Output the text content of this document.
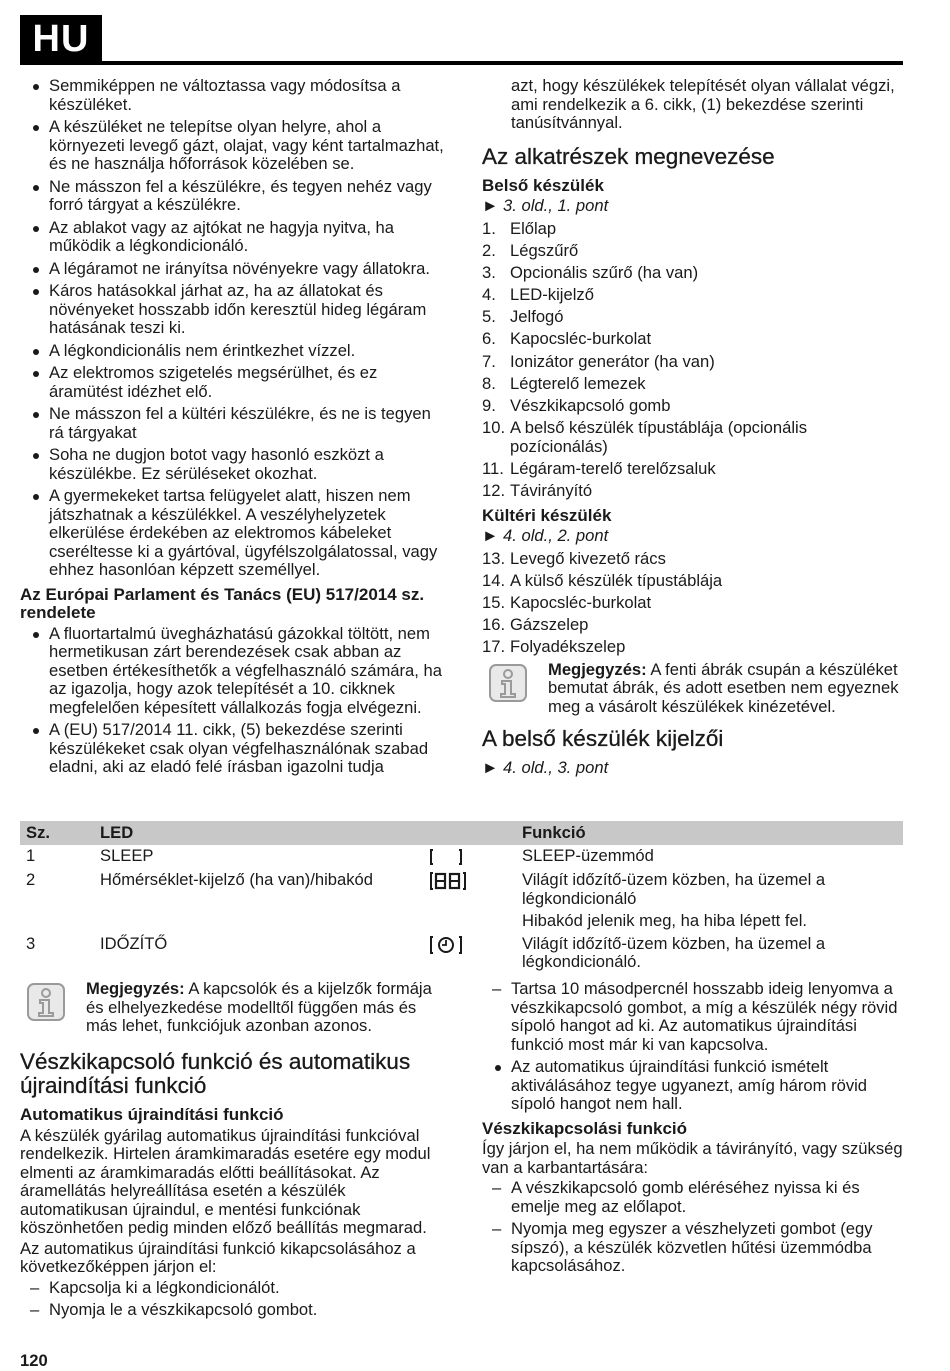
HU
Semmiképpen ne változtassa vagy módosítsa a készüléket.
A készüléket ne telepítse olyan helyre, ahol a környezeti levegő gázt, olajat, vagy ként tartalmazhat, és ne használja hőforrások közelében se.
Ne másszon fel a készülékre, és tegyen nehéz vagy forró tárgyat a készülékre.
Az ablakot vagy az ajtókat ne hagyja nyitva, ha működik a légkondicionáló.
A légáramot ne irányítsa növényekre vagy állatokra.
Káros hatásokkal járhat az, ha az állatokat és növényeket hosszabb időn keresztül hideg légáram hatásának teszi ki.
A légkondicionális nem érintkezhet vízzel.
Az elektromos szigetelés megsérülhet, és ez áramütést idézhet elő.
Ne másszon fel a kültéri készülékre, és ne is tegyen rá tárgyakat
Soha ne dugjon botot vagy hasonló eszközt a készülékbe. Ez sérüléseket okozhat.
A gyermekeket tartsa felügyelet alatt, hiszen nem játszhatnak a készülékkel. A veszélyhelyzetek elkerülése érdekében az elektromos kábeleket cseréltesse ki a gyártóval, ügyfélszolgálatossal, vagy ehhez hasonlóan képzett személlyel.
Az Európai Parlament és Tanács (EU) 517/2014 sz. rendelete
A fluortartalmú üvegházhatású gázokkal töltött, nem hermetikusan zárt berendezések csak abban az esetben értékesíthetők a végfelhasználó számára, ha az igazolja, hogy azok telepítését a 10. cikknek megfelelően képesített vállalkozás fogja elvégezni.
A (EU) 517/2014 11. cikk, (5) bekezdése szerinti készülékeket csak olyan végfelhasználónak szabad eladni, aki az eladó felé írásban igazolni tudja
azt, hogy készülékek telepítését olyan vállalat végzi, ami rendelkezik a 6. cikk, (1) bekezdése szerinti tanúsítvánnyal.
Az alkatrészek megnevezése
Belső készülék
► 3. old., 1. pont
1. Előlap
2. Légszűrő
3. Opcionális szűrő (ha van)
4. LED-kijelző
5. Jelfogó
6. Kapocsléc-burkolat
7. Ionizátor generátor (ha van)
8. Légterelő lemezek
9. Vészkikapcsoló gomb
10. A belső készülék típustáblája (opcionális pozícionálás)
11. Légáram-terelő terelőzsaluk
12. Távirányító
Kültéri készülék
► 4. old., 2. pont
13. Levegő kivezető rács
14. A külső készülék típustáblája
15. Kapocsléc-burkolat
16. Gázszelep
17. Folyadékszelep
Megjegyzés: A fenti ábrák csupán a készüléket bemutat ábrák, és adott esetben nem egyeznek meg a vásárolt készülékek kinézetével.
A belső készülék kijelzői
► 4. old., 3. pont
Sz.	LED		Funkció
1	SLEEP		SLEEP-üzemmód
2	Hőmérséklet-kijelző (ha van)/hibakód		Világít időzítő-üzem közben, ha üzemel a légkondicionáló
Hibakód jelenik meg, ha hiba lépett fel.

3	IDŐZÍTŐ		Világít időzítő-üzem közben, ha üzemel a légkondicionáló.
Megjegyzés: A kapcsolók és a kijelzők formája és elhelyezkedése modelltől függően más és más lehet, funkciójuk azonban azonos.
Vészkikapcsoló funkció és automatikus újraindítási funkció
Automatikus újraindítási funkció
A készülék gyárilag automatikus újraindítási funkcióval rendelkezik. Hirtelen áramkimaradás esetére egy modul elmenti az áramkimaradás előtti beállításokat. Az áramellátás helyreállítása esetén a készülék automatikusan újraindul, e mentési funkciónak köszönhetően pedig minden előző beállítás megmarad.
Az automatikus újraindítási funkció kikapcsolásához a következőképpen járjon el:
– Kapcsolja ki a légkondicionálót.
– Nyomja le a vészkikapcsoló gombot.
– Tartsa 10 másodpercnél hosszabb ideig lenyomva a vészkikapcsoló gombot, a míg a készülék négy rövid sípoló hangot ad ki. Az automatikus újraindítási funkció most már ki van kapcsolva.
Az automatikus újraindítási funkció ismételt aktiválásához tegye ugyanezt, amíg három rövid sípoló hangot nem hall.
Vészkikapcsolási funkció
Így járjon el, ha nem működik a távirányító, vagy szükség van a karbantartására:
– A vészkikapcsoló gomb eléréséhez nyissa ki és emelje meg az előlapot.
– Nyomja meg egyszer a vészhelyzeti gombot (egy sípszó), a készülék közvetlen hűtési üzemmódba kapcsolásához.
120
